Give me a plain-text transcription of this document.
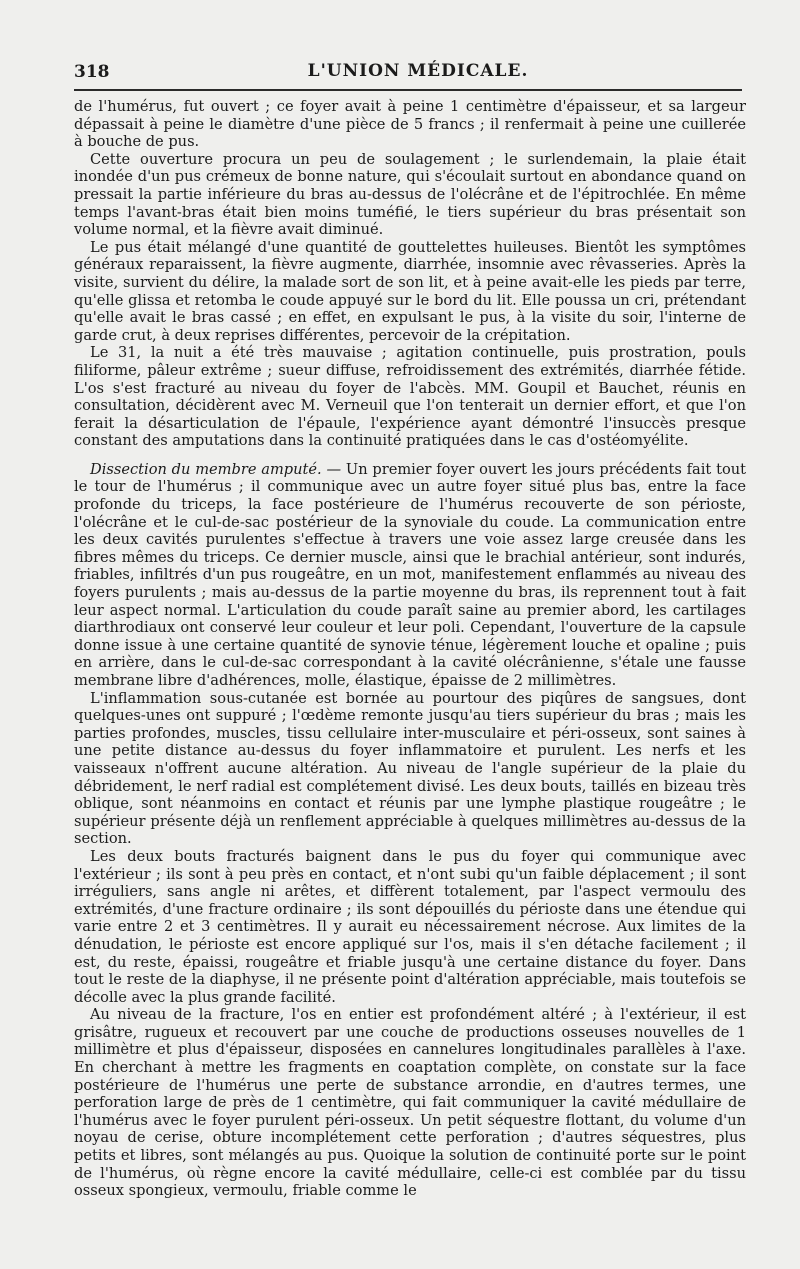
318	L'UNION MÉDICALE.

de l'humérus, fut ouvert ; ce foyer avait à peine 1 centimètre d'épaisseur, et sa largeur dépassait à peine le diamètre d'une pièce de 5 francs ; il renfermait à peine une cuillerée à bouche de pus.

Cette ouverture procura un peu de soulagement ; le surlendemain, la plaie était inondée d'un pus crémeux de bonne nature, qui s'écoulait surtout en abondance quand on pressait la partie inférieure du bras au-dessus de l'olécrâne et de l'épitrochlée. En même temps l'avant-bras était bien moins tuméfié, le tiers supérieur du bras présentait son volume normal, et la fièvre avait diminué.

Le pus était mélangé d'une quantité de gouttelettes huileuses. Bientôt les symptômes généraux reparaissent, la fièvre augmente, diarrhée, insomnie avec rêvasseries. Après la visite, survient du délire, la malade sort de son lit, et à peine avait-elle les pieds par terre, qu'elle glissa et retomba le coude appuyé sur le bord du lit. Elle poussa un cri, prétendant qu'elle avait le bras cassé ; en effet, en expulsant le pus, à la visite du soir, l'interne de garde crut, à deux reprises différentes, percevoir de la crépitation.

Le 31, la nuit a été très mauvaise ; agitation continuelle, puis prostration, pouls filiforme, pâleur extrême ; sueur diffuse, refroidissement des extrémités, diarrhée fétide. L'os s'est fracturé au niveau du foyer de l'abcès. MM. Goupil et Bauchet, réunis en consultation, décidèrent avec M. Verneuil que l'on tenterait un dernier effort, et que l'on ferait la désarticulation de l'épaule, l'expérience ayant démontré l'insuccès presque constant des amputations dans la continuité pratiquées dans le cas d'ostéomyélite.

Dissection du membre amputé. — Un premier foyer ouvert les jours précédents fait tout le tour de l'humérus ; il communique avec un autre foyer situé plus bas, entre la face profonde du triceps, la face postérieure de l'humérus recouverte de son périoste, l'olécrâne et le cul-de-sac postérieur de la synoviale du coude. La communication entre les deux cavités purulentes s'effectue à travers une voie assez large creusée dans les fibres mêmes du triceps. Ce dernier muscle, ainsi que le brachial antérieur, sont indurés, friables, infiltrés d'un pus rougeâtre, en un mot, manifestement enflammés au niveau des foyers purulents ; mais au-dessus de la partie moyenne du bras, ils reprennent tout à fait leur aspect normal. L'articulation du coude paraît saine au premier abord, les cartilages diarthrodiaux ont conservé leur couleur et leur poli. Cependant, l'ouverture de la capsule donne issue à une certaine quantité de synovie ténue, légèrement louche et opaline ; puis en arrière, dans le cul-de-sac correspondant à la cavité olécrânienne, s'étale une fausse membrane libre d'adhérences, molle, élastique, épaisse de 2 millimètres.

L'inflammation sous-cutanée est bornée au pourtour des piqûres de sangsues, dont quelques-unes ont suppuré ; l'œdème remonte jusqu'au tiers supérieur du bras ; mais les parties profondes, muscles, tissu cellulaire inter-musculaire et péri-osseux, sont saines à une petite distance au-dessus du foyer inflammatoire et purulent. Les nerfs et les vaisseaux n'offrent aucune altération. Au niveau de l'angle supérieur de la plaie du débridement, le nerf radial est complétement divisé. Les deux bouts, taillés en bizeau très oblique, sont néanmoins en contact et réunis par une lymphe plastique rougeâtre ; le supérieur présente déjà un renflement appréciable à quelques millimètres au-dessus de la section.

Les deux bouts fracturés baignent dans le pus du foyer qui communique avec l'extérieur ; ils sont à peu près en contact, et n'ont subi qu'un faible déplacement ; il sont irréguliers, sans angle ni arêtes, et diffèrent totalement, par l'aspect vermoulu des extrémités, d'une fracture ordinaire ; ils sont dépouillés du périoste dans une étendue qui varie entre 2 et 3 centimètres. Il y aurait eu nécessairement nécrose. Aux limites de la dénudation, le périoste est encore appliqué sur l'os, mais il s'en détache facilement ; il est, du reste, épaissi, rougeâtre et friable jusqu'à une certaine distance du foyer. Dans tout le reste de la diaphyse, il ne présente point d'altération appréciable, mais toutefois se décolle avec la plus grande facilité.

Au niveau de la fracture, l'os en entier est profondément altéré ; à l'extérieur, il est grisâtre, rugueux et recouvert par une couche de productions osseuses nouvelles de 1 millimètre et plus d'épaisseur, disposées en cannelures longitudinales parallèles à l'axe. En cherchant à mettre les fragments en coaptation complète, on constate sur la face postérieure de l'humérus une perte de substance arrondie, en d'autres termes, une perforation large de près de 1 centimètre, qui fait communiquer la cavité médullaire de l'humérus avec le foyer purulent péri-osseux. Un petit séquestre flottant, du volume d'un noyau de cerise, obture incomplétement cette perforation ; d'autres séquestres, plus petits et libres, sont mélangés au pus. Quoique la solution de continuité porte sur le point de l'humérus, où règne encore la cavité médullaire, celle-ci est comblée par du tissu osseux spongieux, vermoulu, friable comme le
